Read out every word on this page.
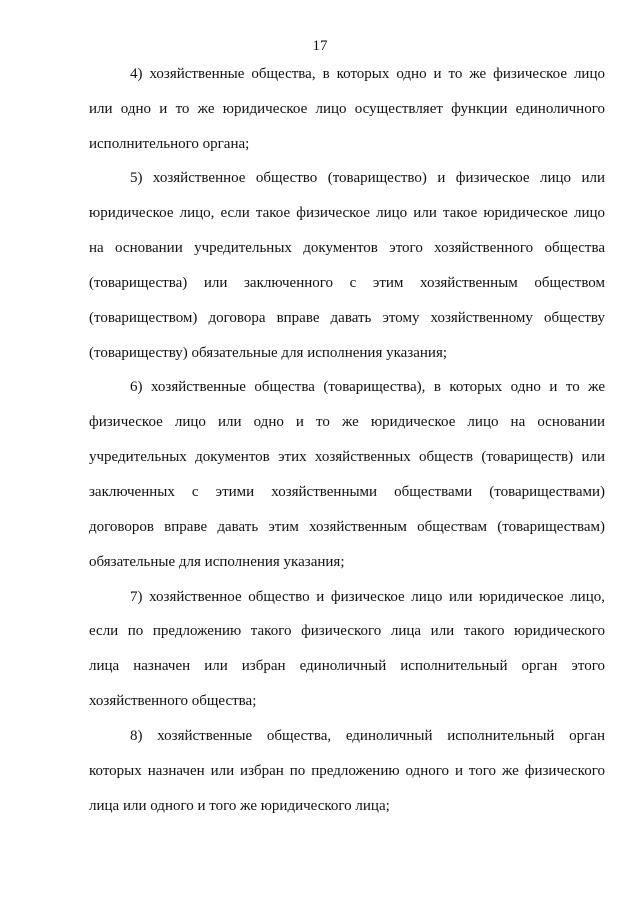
17
4) хозяйственные общества, в которых одно и то же физическое лицо
или одно и то же юридическое лицо осуществляет функции единоличного
исполнительного органа;
5) хозяйственное общество (товарищество) и физическое лицо или
юридическое лицо, если такое физическое лицо или такое юридическое лицо
на основании учредительных документов этого хозяйственного общества
(товарищества) или заключенного с этим хозяйственным обществом
(товариществом) договора вправе давать этому хозяйственному обществу
(товариществу) обязательные для исполнения указания;
6) хозяйственные общества (товарищества), в которых одно и то же
физическое лицо или одно и то же юридическое лицо на основании
учредительных документов этих хозяйственных обществ (товариществ) или
заключенных с этими хозяйственными обществами (товариществами)
договоров вправе давать этим хозяйственным обществам (товариществам)
обязательные для исполнения указания;
7) хозяйственное общество и физическое лицо или юридическое лицо,
если по предложению такого физического лица или такого юридического
лица назначен или избран единоличный исполнительный орган этого
хозяйственного общества;
8) хозяйственные общества, единоличный исполнительный орган
которых назначен или избран по предложению одного и того же физического
лица или одного и того же юридического лица;
